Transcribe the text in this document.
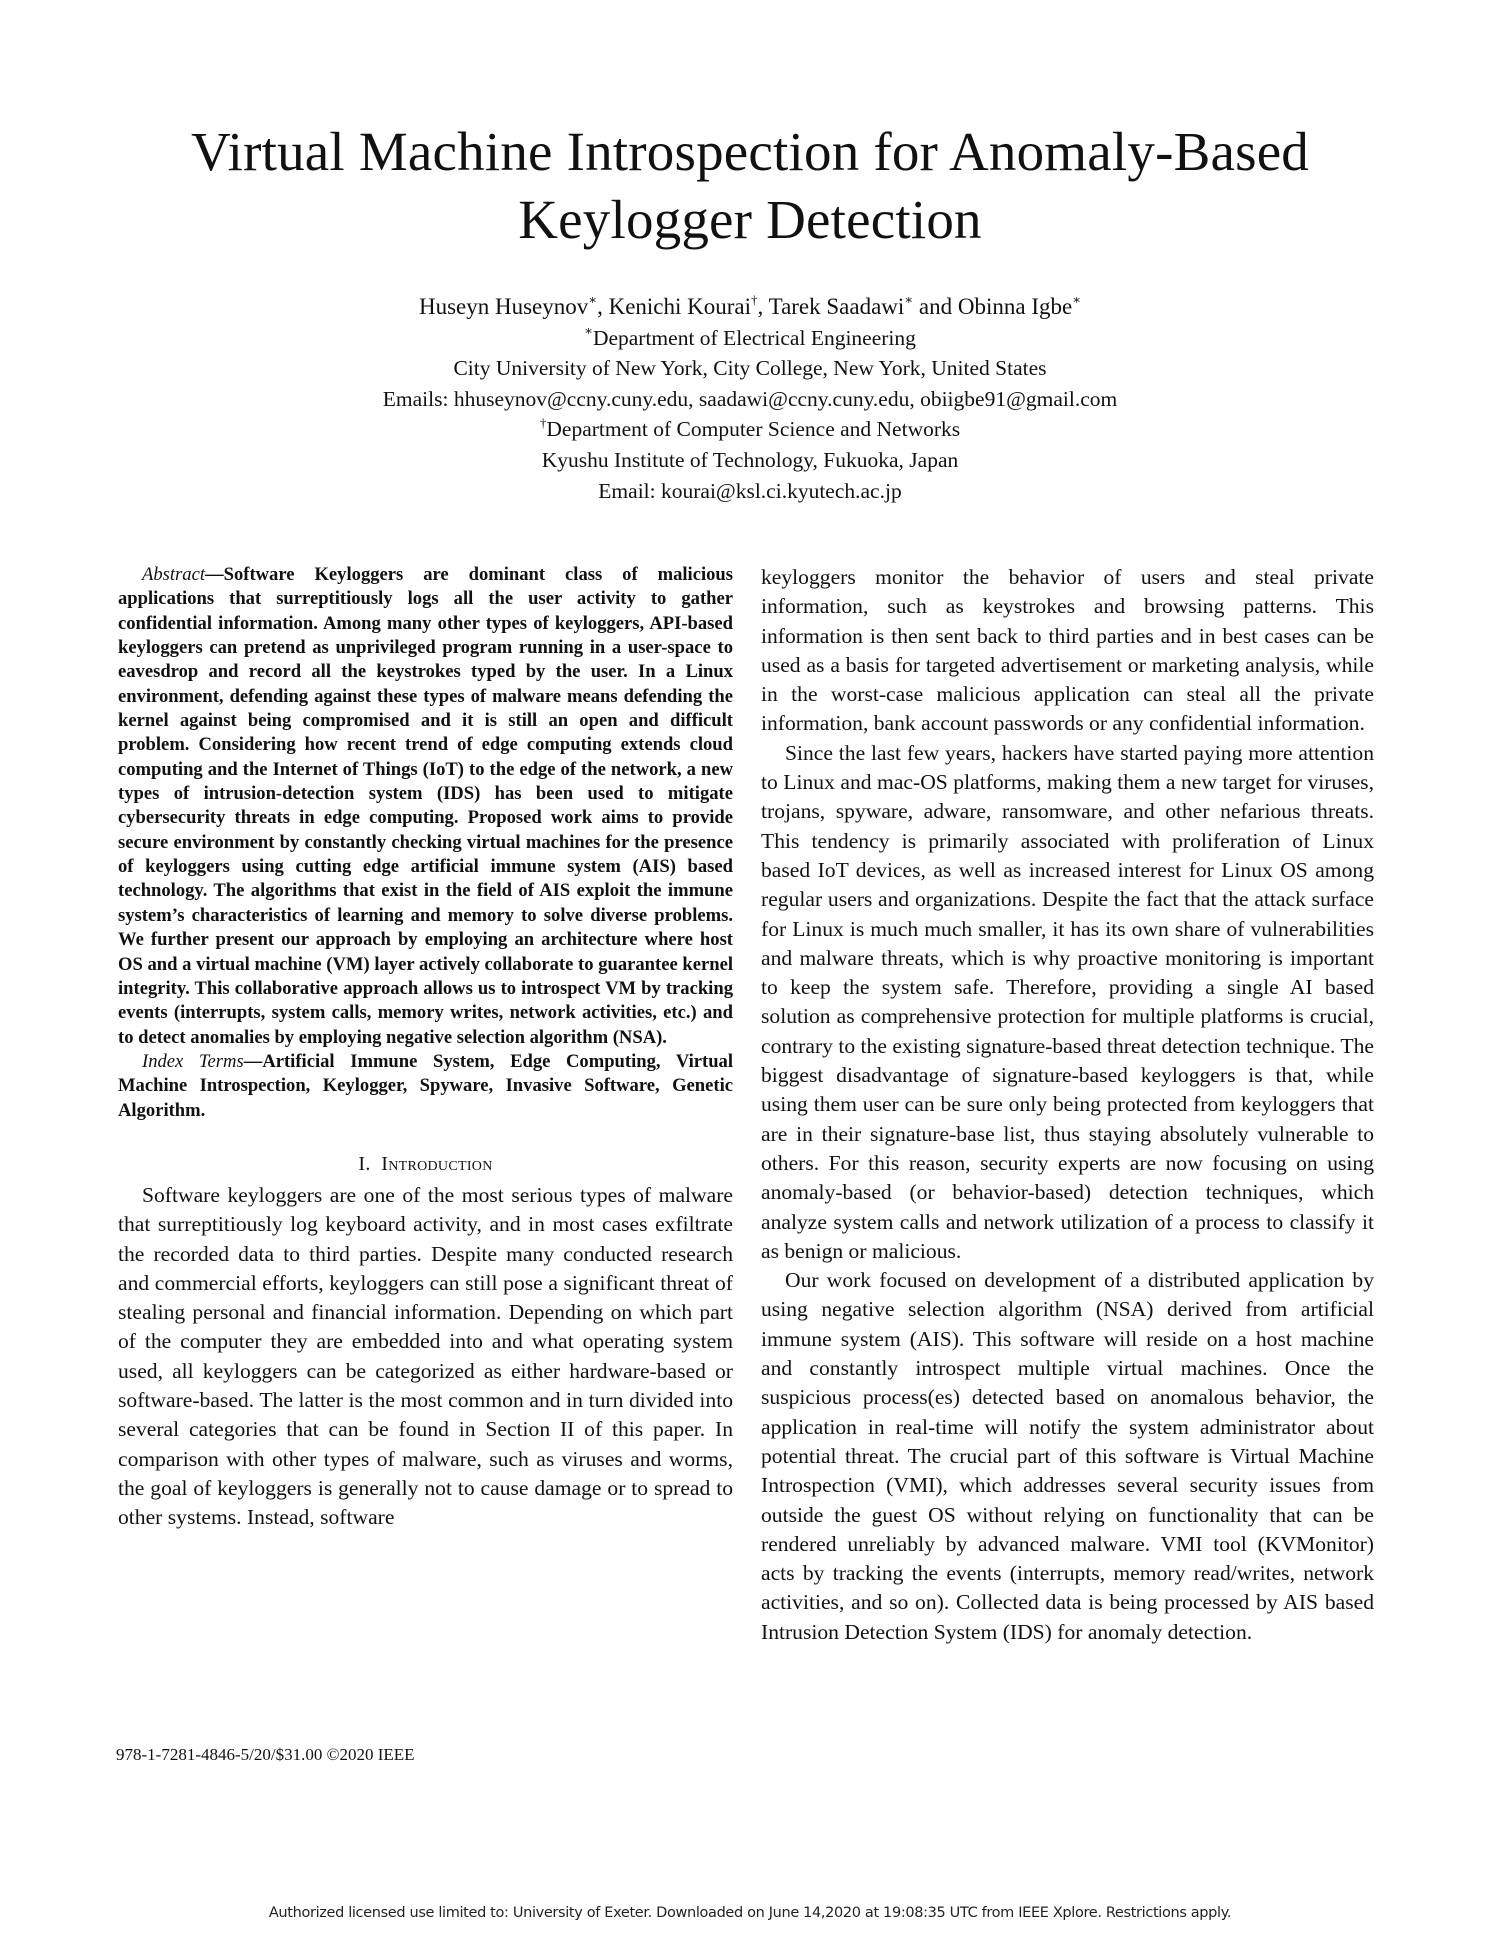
Virtual Machine Introspection for Anomaly-Based
Keylogger Detection
Huseyn Huseynov∗, Kenichi Kourai†, Tarek Saadawi∗ and Obinna Igbe∗
∗Department of Electrical Engineering
City University of New York, City College, New York, United States
Emails: hhuseynov@ccny.cuny.edu, saadawi@ccny.cuny.edu, obiigbe91@gmail.com
†Department of Computer Science and Networks
Kyushu Institute of Technology, Fukuoka, Japan
Email: kourai@ksl.ci.kyutech.ac.jp

Abstract—Software Keyloggers are dominant class of malicious applications that surreptitiously logs all the user activity to gather confidential information. Among many other types of keyloggers, API-based keyloggers can pretend as unprivileged program running in a user-space to eavesdrop and record all the keystrokes typed by the user. In a Linux environment, defending against these types of malware means defending the kernel against being compromised and it is still an open and difficult problem. Considering how recent trend of edge computing extends cloud computing and the Internet of Things (IoT) to the edge of the network, a new types of intrusion-detection system (IDS) has been used to mitigate cybersecurity threats in edge computing. Proposed work aims to provide secure environment by constantly checking virtual machines for the presence of keyloggers using cutting edge artificial immune system (AIS) based technology. The algorithms that exist in the field of AIS exploit the immune system’s characteristics of learning and memory to solve diverse problems. We further present our approach by employing an architecture where host OS and a virtual machine (VM) layer actively collaborate to guarantee kernel integrity. This collaborative approach allows us to introspect VM by tracking events (interrupts, system calls, memory writes, network activities, etc.) and to detect anomalies by employing negative selection algorithm (NSA).

Index Terms—Artificial Immune System, Edge Computing, Virtual Machine Introspection, Keylogger, Spyware, Invasive Software, Genetic Algorithm.

I. Introduction

Software keyloggers are one of the most serious types of malware that surreptitiously log keyboard activity, and in most cases exfiltrate the recorded data to third parties. Despite many conducted research and commercial efforts, keyloggers can still pose a significant threat of stealing personal and financial information. Depending on which part of the computer they are embedded into and what operating system used, all keyloggers can be categorized as either hardware-based or software-based. The latter is the most common and in turn divided into several categories that can be found in Section II of this paper. In comparison with other types of malware, such as viruses and worms, the goal of keyloggers is generally not to cause damage or to spread to other systems. Instead, software

keyloggers monitor the behavior of users and steal private information, such as keystrokes and browsing patterns. This information is then sent back to third parties and in best cases can be used as a basis for targeted advertisement or marketing analysis, while in the worst-case malicious application can steal all the private information, bank account passwords or any confidential information.

Since the last few years, hackers have started paying more attention to Linux and mac-OS platforms, making them a new target for viruses, trojans, spyware, adware, ransomware, and other nefarious threats. This tendency is primarily associated with proliferation of Linux based IoT devices, as well as increased interest for Linux OS among regular users and organizations. Despite the fact that the attack surface for Linux is much much smaller, it has its own share of vulnerabilities and malware threats, which is why proactive monitoring is important to keep the system safe. Therefore, providing a single AI based solution as comprehensive protection for multiple platforms is crucial, contrary to the existing signature-based threat detection technique. The biggest disadvantage of signature-based keyloggers is that, while using them user can be sure only being protected from keyloggers that are in their signature-base list, thus staying absolutely vulnerable to others. For this reason, security experts are now focusing on using anomaly-based (or behavior-based) detection techniques, which analyze system calls and network utilization of a process to classify it as benign or malicious.

Our work focused on development of a distributed application by using negative selection algorithm (NSA) derived from artificial immune system (AIS). This software will reside on a host machine and constantly introspect multiple virtual machines. Once the suspicious process(es) detected based on anomalous behavior, the application in real-time will notify the system administrator about potential threat. The crucial part of this software is Virtual Machine Introspection (VMI), which addresses several security issues from outside the guest OS without relying on functionality that can be rendered unreliably by advanced malware. VMI tool (KVMonitor) acts by tracking the events (interrupts, memory read/writes, network activities, and so on). Collected data is being processed by AIS based Intrusion Detection System (IDS) for anomaly detection.

978-1-7281-4846-5/20/$31.00 ©2020 IEEE
Authorized licensed use limited to: University of Exeter. Downloaded on June 14,2020 at 19:08:35 UTC from IEEE Xplore. Restrictions apply.
